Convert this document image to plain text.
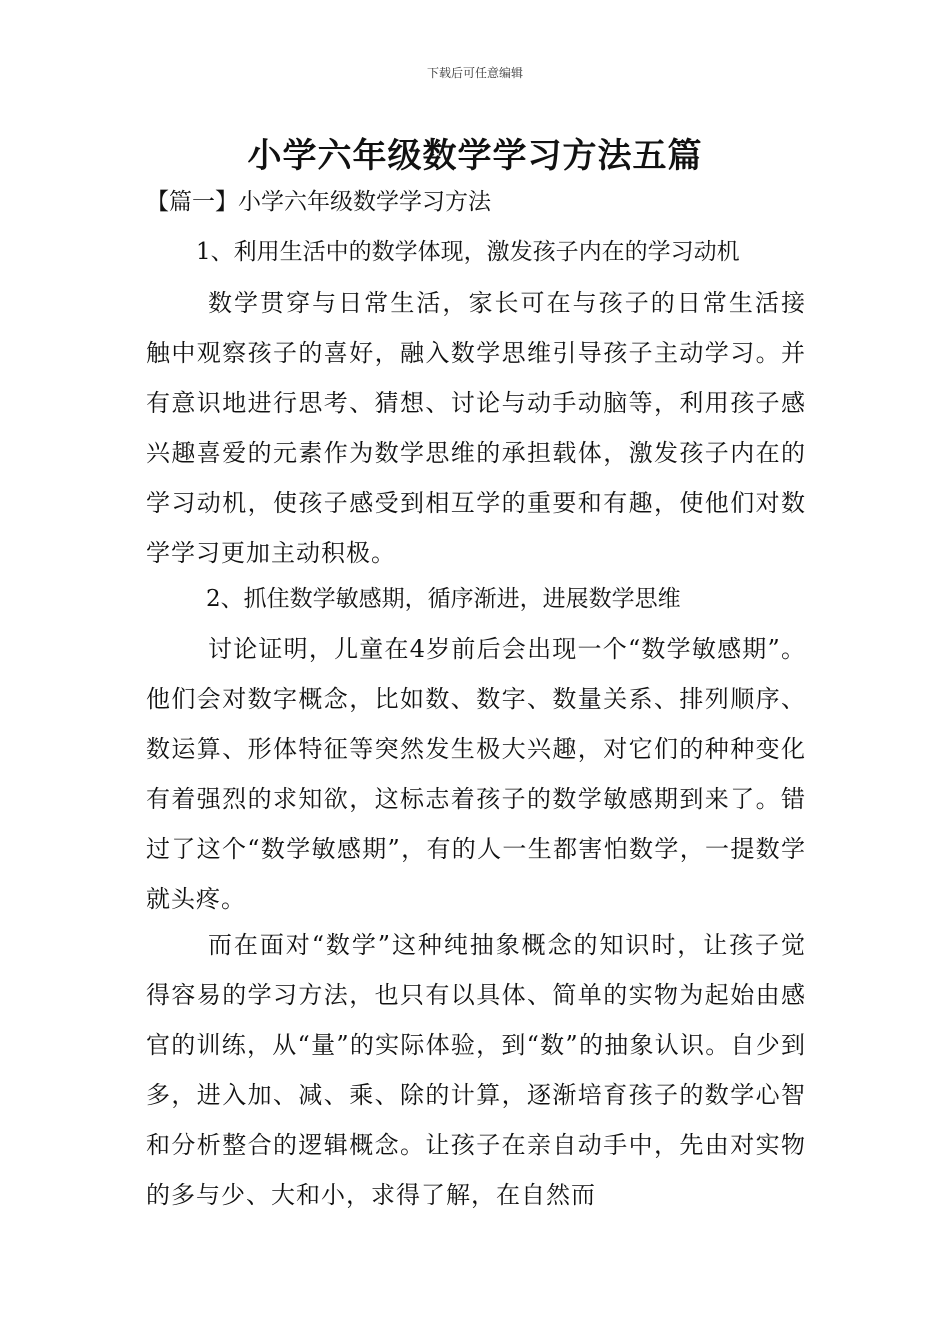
下载后可任意编辑
小学六年级数学学习方法五篇
【篇一】小学六年级数学学习方法
1、利用生活中的数学体现，激发孩子内在的学习动机
数学贯穿与日常生活，家长可在与孩子的日常生活接触中观察孩子的喜好，融入数学思维引导孩子主动学习。并有意识地进行思考、猜想、讨论与动手动脑等，利用孩子感兴趣喜爱的元素作为数学思维的承担载体，激发孩子内在的学习动机，使孩子感受到相互学的重要和有趣，使他们对数学学习更加主动积极。
2、抓住数学敏感期，循序渐进，进展数学思维
讨论证明，儿童在4岁前后会出现一个“数学敏感期”。他们会对数字概念，比如数、数字、数量关系、排列顺序、数运算、形体特征等突然发生极大兴趣，对它们的种种变化有着强烈的求知欲，这标志着孩子的数学敏感期到来了。错过了这个“数学敏感期”，有的人一生都害怕数学，一提数学就头疼。
而在面对“数学”这种纯抽象概念的知识时，让孩子觉得容易的学习方法，也只有以具体、简单的实物为起始由感官的训练，从“量”的实际体验，到“数”的抽象认识。自少到多，进入加、减、乘、除的计算，逐渐培育孩子的数学心智和分析整合的逻辑概念。让孩子在亲自动手中，先由对实物的多与少、大和小，求得了解，在自然而
